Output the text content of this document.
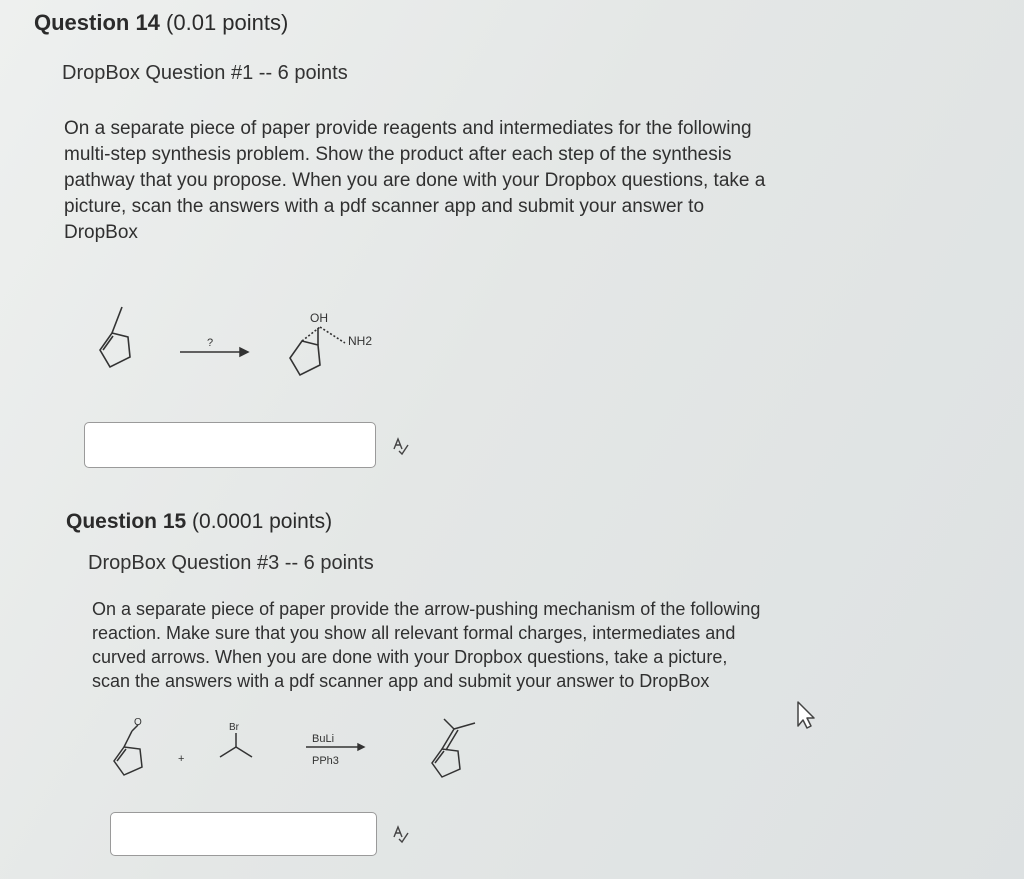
Question 14 (0.01 points)
DropBox Question #1 -- 6 points
On a separate piece of paper provide reagents and intermediates for the following
multi-step synthesis problem. Show the product after each step of the synthesis
pathway that you propose. When you are done with your Dropbox questions, take a
picture, scan the answers with a pdf scanner app and submit your answer to
DropBox
?
OH
NH2
Question 15 (0.0001 points)
DropBox Question #3 -- 6 points
On a separate piece of paper provide the arrow-pushing mechanism of the following
reaction. Make sure that you show all relevant formal charges, intermediates and
curved arrows. When you are done with your Dropbox questions, take a picture,
scan the answers with a pdf scanner app and submit your answer to DropBox
O
+
Br
BuLi
PPh3
